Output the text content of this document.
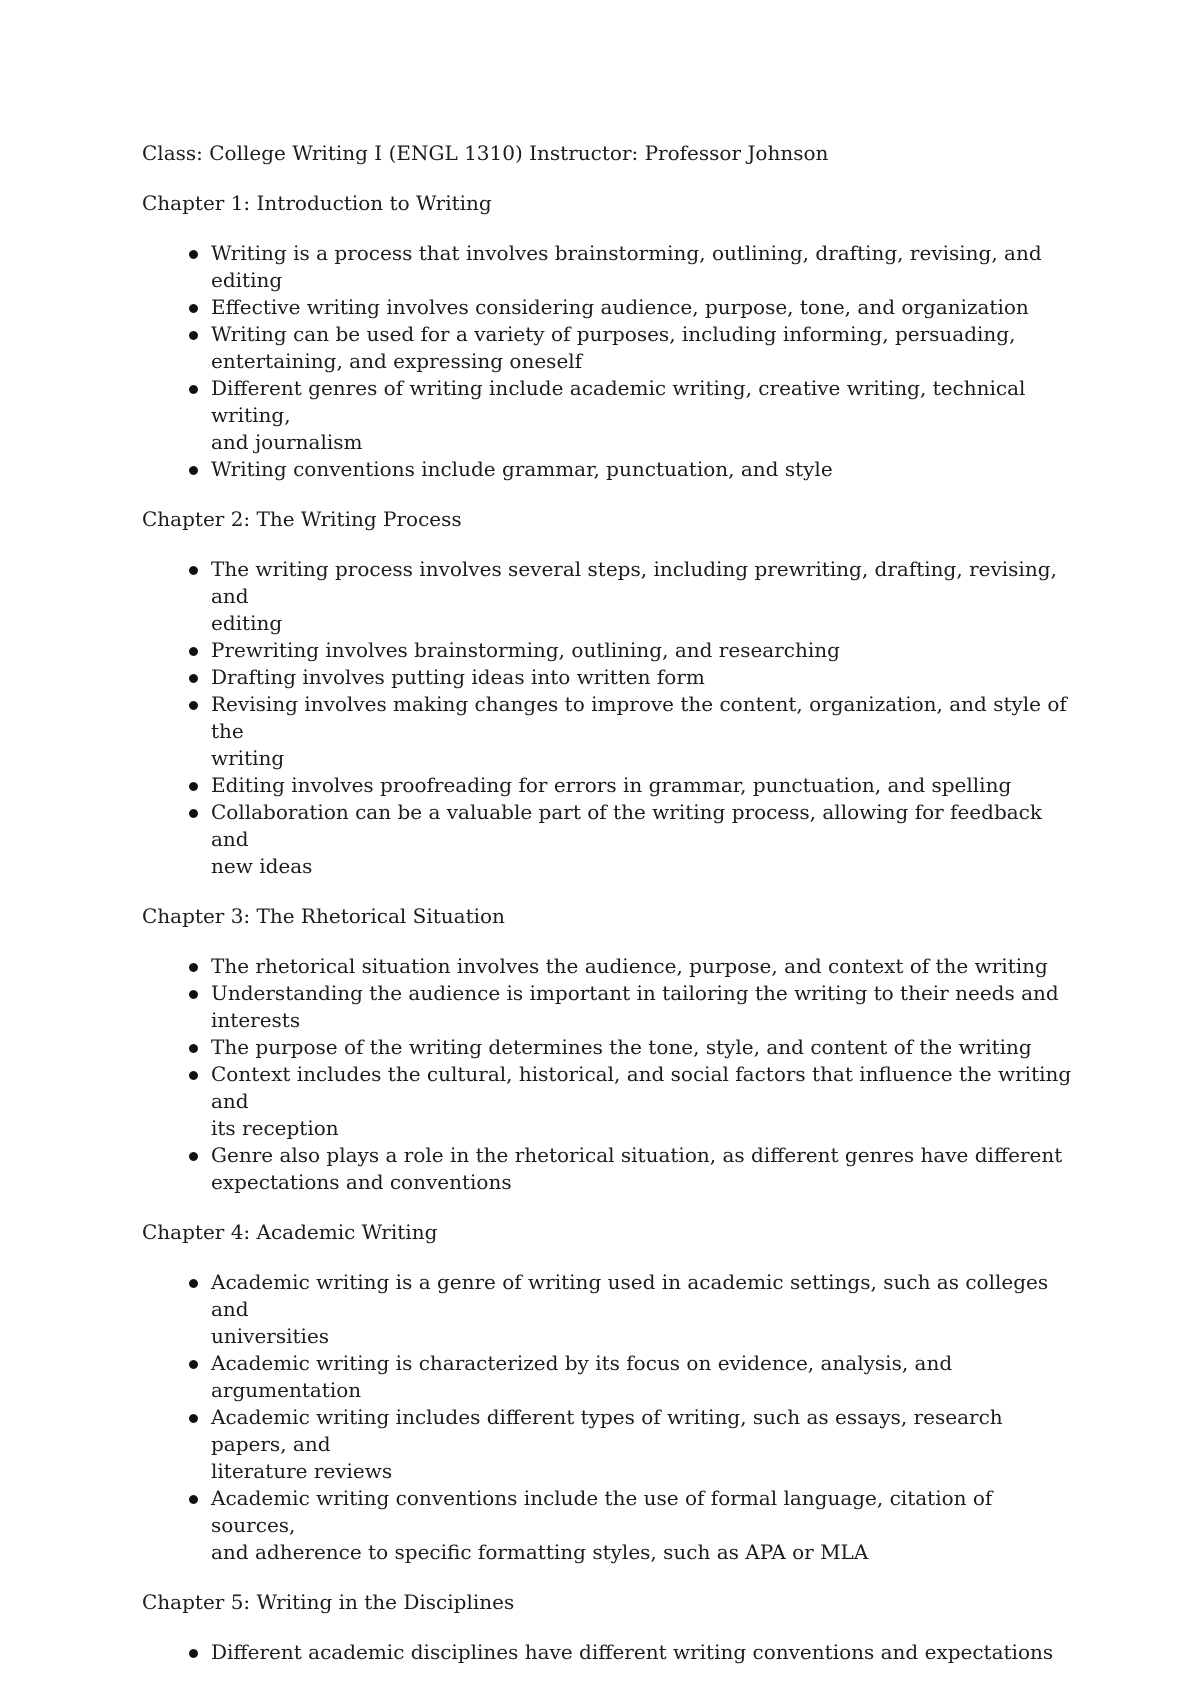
Class: College Writing I (ENGL 1310) Instructor: Professor Johnson

Chapter 1: Introduction to Writing

Writing is a process that involves brainstorming, outlining, drafting, revising, and editing
Effective writing involves considering audience, purpose, tone, and organization
Writing can be used for a variety of purposes, including informing, persuading,
entertaining, and expressing oneself
Different genres of writing include academic writing, creative writing, technical writing,
and journalism
Writing conventions include grammar, punctuation, and style

Chapter 2: The Writing Process

The writing process involves several steps, including prewriting, drafting, revising, and
editing
Prewriting involves brainstorming, outlining, and researching
Drafting involves putting ideas into written form
Revising involves making changes to improve the content, organization, and style of the
writing
Editing involves proofreading for errors in grammar, punctuation, and spelling
Collaboration can be a valuable part of the writing process, allowing for feedback and
new ideas

Chapter 3: The Rhetorical Situation

The rhetorical situation involves the audience, purpose, and context of the writing
Understanding the audience is important in tailoring the writing to their needs and
interests
The purpose of the writing determines the tone, style, and content of the writing
Context includes the cultural, historical, and social factors that influence the writing and
its reception
Genre also plays a role in the rhetorical situation, as different genres have different
expectations and conventions

Chapter 4: Academic Writing

Academic writing is a genre of writing used in academic settings, such as colleges and
universities
Academic writing is characterized by its focus on evidence, analysis, and argumentation
Academic writing includes different types of writing, such as essays, research papers, and
literature reviews
Academic writing conventions include the use of formal language, citation of sources,
and adherence to specific formatting styles, such as APA or MLA

Chapter 5: Writing in the Disciplines

Different academic disciplines have different writing conventions and expectations
